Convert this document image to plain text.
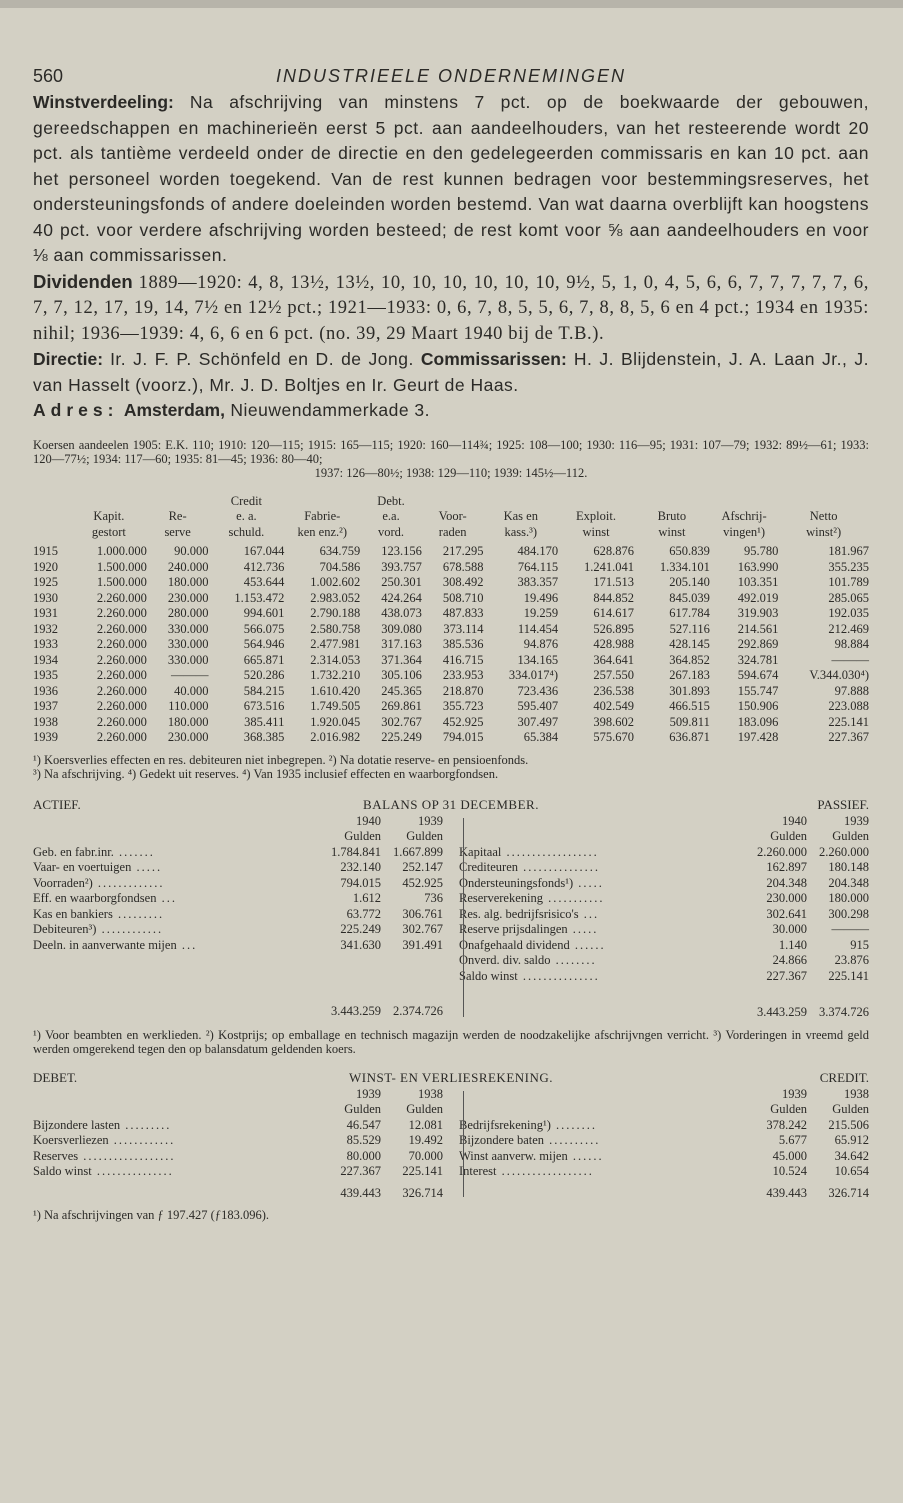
560	INDUSTRIEELE ONDERNEMINGEN

Winstverdeeling: Na afschrijving van minstens 7 pct. op de boekwaarde der gebouwen, gereedschappen en machinerieën eerst 5 pct. aan aandeelhouders, van het resteerende wordt 20 pct. als tantième verdeeld onder de directie en den gedelegeerden commissaris en kan 10 pct. aan het personeel worden toegekend. Van de rest kunnen bedragen voor bestemmingsreserves, het ondersteuningsfonds of andere doeleinden worden bestemd. Van wat daarna overblijft kan hoogstens 40 pct. voor verdere afschrijving worden besteed; de rest komt voor ⅝ aan aandeelhouders en voor ⅛ aan commissarissen.

Dividenden 1889—1920: 4, 8, 13½, 13½, 10, 10, 10, 10, 10, 10, 9½, 5, 1, 0, 4, 5, 6, 6, 7, 7, 7, 7, 7, 6, 7, 7, 12, 17, 19, 14, 7½ en 12½ pct.; 1921—1933: 0, 6, 7, 8, 5, 5, 6, 7, 8, 8, 5, 6 en 4 pct.; 1934 en 1935: nihil; 1936—1939: 4, 6, 6 en 6 pct. (no. 39, 29 Maart 1940 bij de T.B.).

Directie: Ir. J. F. P. Schönfeld en D. de Jong. Commissarissen: H. J. Blijdenstein, J. A. Laan Jr., J. van Hasselt (voorz.), Mr. J. D. Boltjes en Ir. Geurt de Haas.

Adres: Amsterdam, Nieuwendammerkade 3.

Koersen aandeelen 1905: E.K. 110; 1910: 120—115; 1915: 165—115; 1920: 160—114¾; 1925: 108—100; 1930: 116—95; 1931: 107—79; 1932: 89½—61; 1933: 120—77½; 1934: 117—60; 1935: 81—45; 1936: 80—40;
1937: 126—80½; 1938: 129—110; 1939: 145½—112.
			Credit		Debt.						
	Kapit.	Re-	e. a.	Fabrie-	e.a.	Voor-	Kas en	Exploit.	Bruto	Afschrij-	Netto
	gestort	serve	schuld.	ken enz.²)	vord.	raden	kass.³)	winst	winst	vingen¹)	winst²)
1915	1.000.000	90.000	167.044	634.759	123.156	217.295	484.170	628.876	650.839	95.780	181.967
1920	1.500.000	240.000	412.736	704.586	393.757	678.588	764.115	1.241.041	1.334.101	163.990	355.235
1925	1.500.000	180.000	453.644	1.002.602	250.301	308.492	383.357	171.513	205.140	103.351	101.789
1930	2.260.000	230.000	1.153.472	2.983.052	424.264	508.710	19.496	844.852	845.039	492.019	285.065
1931	2.260.000	280.000	994.601	2.790.188	438.073	487.833	19.259	614.617	617.784	319.903	192.035
1932	2.260.000	330.000	566.075	2.580.758	309.080	373.114	114.454	526.895	527.116	214.561	212.469
1933	2.260.000	330.000	564.946	2.477.981	317.163	385.536	94.876	428.988	428.145	292.869	98.884
1934	2.260.000	330.000	665.871	2.314.053	371.364	416.715	134.165	364.641	364.852	324.781	———
1935	2.260.000	———	520.286	1.732.210	305.106	233.953	334.017⁴)	257.550	267.183	594.674	V.344.030⁴)
1936	2.260.000	40.000	584.215	1.610.420	245.365	218.870	723.436	236.538	301.893	155.747	97.888
1937	2.260.000	110.000	673.516	1.749.505	269.861	355.723	595.407	402.549	466.515	150.906	223.088
1938	2.260.000	180.000	385.411	1.920.045	302.767	452.925	307.497	398.602	509.811	183.096	225.141
1939	2.260.000	230.000	368.385	2.016.982	225.249	794.015	65.384	575.670	636.871	197.428	227.367
¹) Koersverlies effecten en res. debiteuren niet inbegrepen. ²) Na dotatie reserve- en pensioenfonds.
³) Na afschrijving. ⁴) Gedekt uit reserves. ⁴) Van 1935 inclusief effecten en waarborgfondsen.
ACTIEF.	BALANS OP 31 DECEMBER.	PASSIEF.
	1940	1939
	Gulden	Gulden
Geb. en fabr.inr. .......	1.784.841	1.667.899
Vaar- en voertuigen .....	232.140	252.147
Voorraden²) .............	794.015	452.925
Eff. en waarborgfondsen ...	1.612	736
Kas en bankiers .........	63.772	306.761
Debiteuren³) ............	225.249	302.767
Deeln. in aanverwante mijen ...	341.630	391.491

	3.443.259	2.374.726
	1940	1939
	Gulden	Gulden
Kapitaal ..................	2.260.000	2.260.000
Crediteuren ...............	162.897	180.148
Ondersteuningsfonds¹) .....	204.348	204.348
Reserverekening ...........	230.000	180.000
Res. alg. bedrijfsrisico's ...	302.641	300.298
Reserve prijsdalingen .....	30.000	———
Onafgehaald dividend ......	1.140	915
Onverd. div. saldo ........	24.866	23.876
Saldo winst ...............	227.367	225.141

	3.443.259	3.374.726
¹) Voor beambten en werklieden. ²) Kostprijs; op emballage en technisch magazijn werden de noodzakelijke afschrijvngen verricht. ³) Vorderingen in vreemd geld werden omgerekend tegen den op balansdatum geldenden koers.
DEBET.	WINST- EN VERLIESREKENING.	CREDIT.
	1939	1938
	Gulden	Gulden
Bijzondere lasten .........	46.547	12.081
Koersverliezen ............	85.529	19.492
Reserves ..................	80.000	70.000
Saldo winst ...............	227.367	225.141
	439.443	326.714
	1939	1938
	Gulden	Gulden
Bedrijfsrekening¹) ........	378.242	215.506
Bijzondere baten ..........	5.677	65.912
Winst aanverw. mijen ......	45.000	34.642
Interest ..................	10.524	10.654
	439.443	326.714
¹) Na afschrijvingen van ƒ 197.427 (ƒ183.096).
